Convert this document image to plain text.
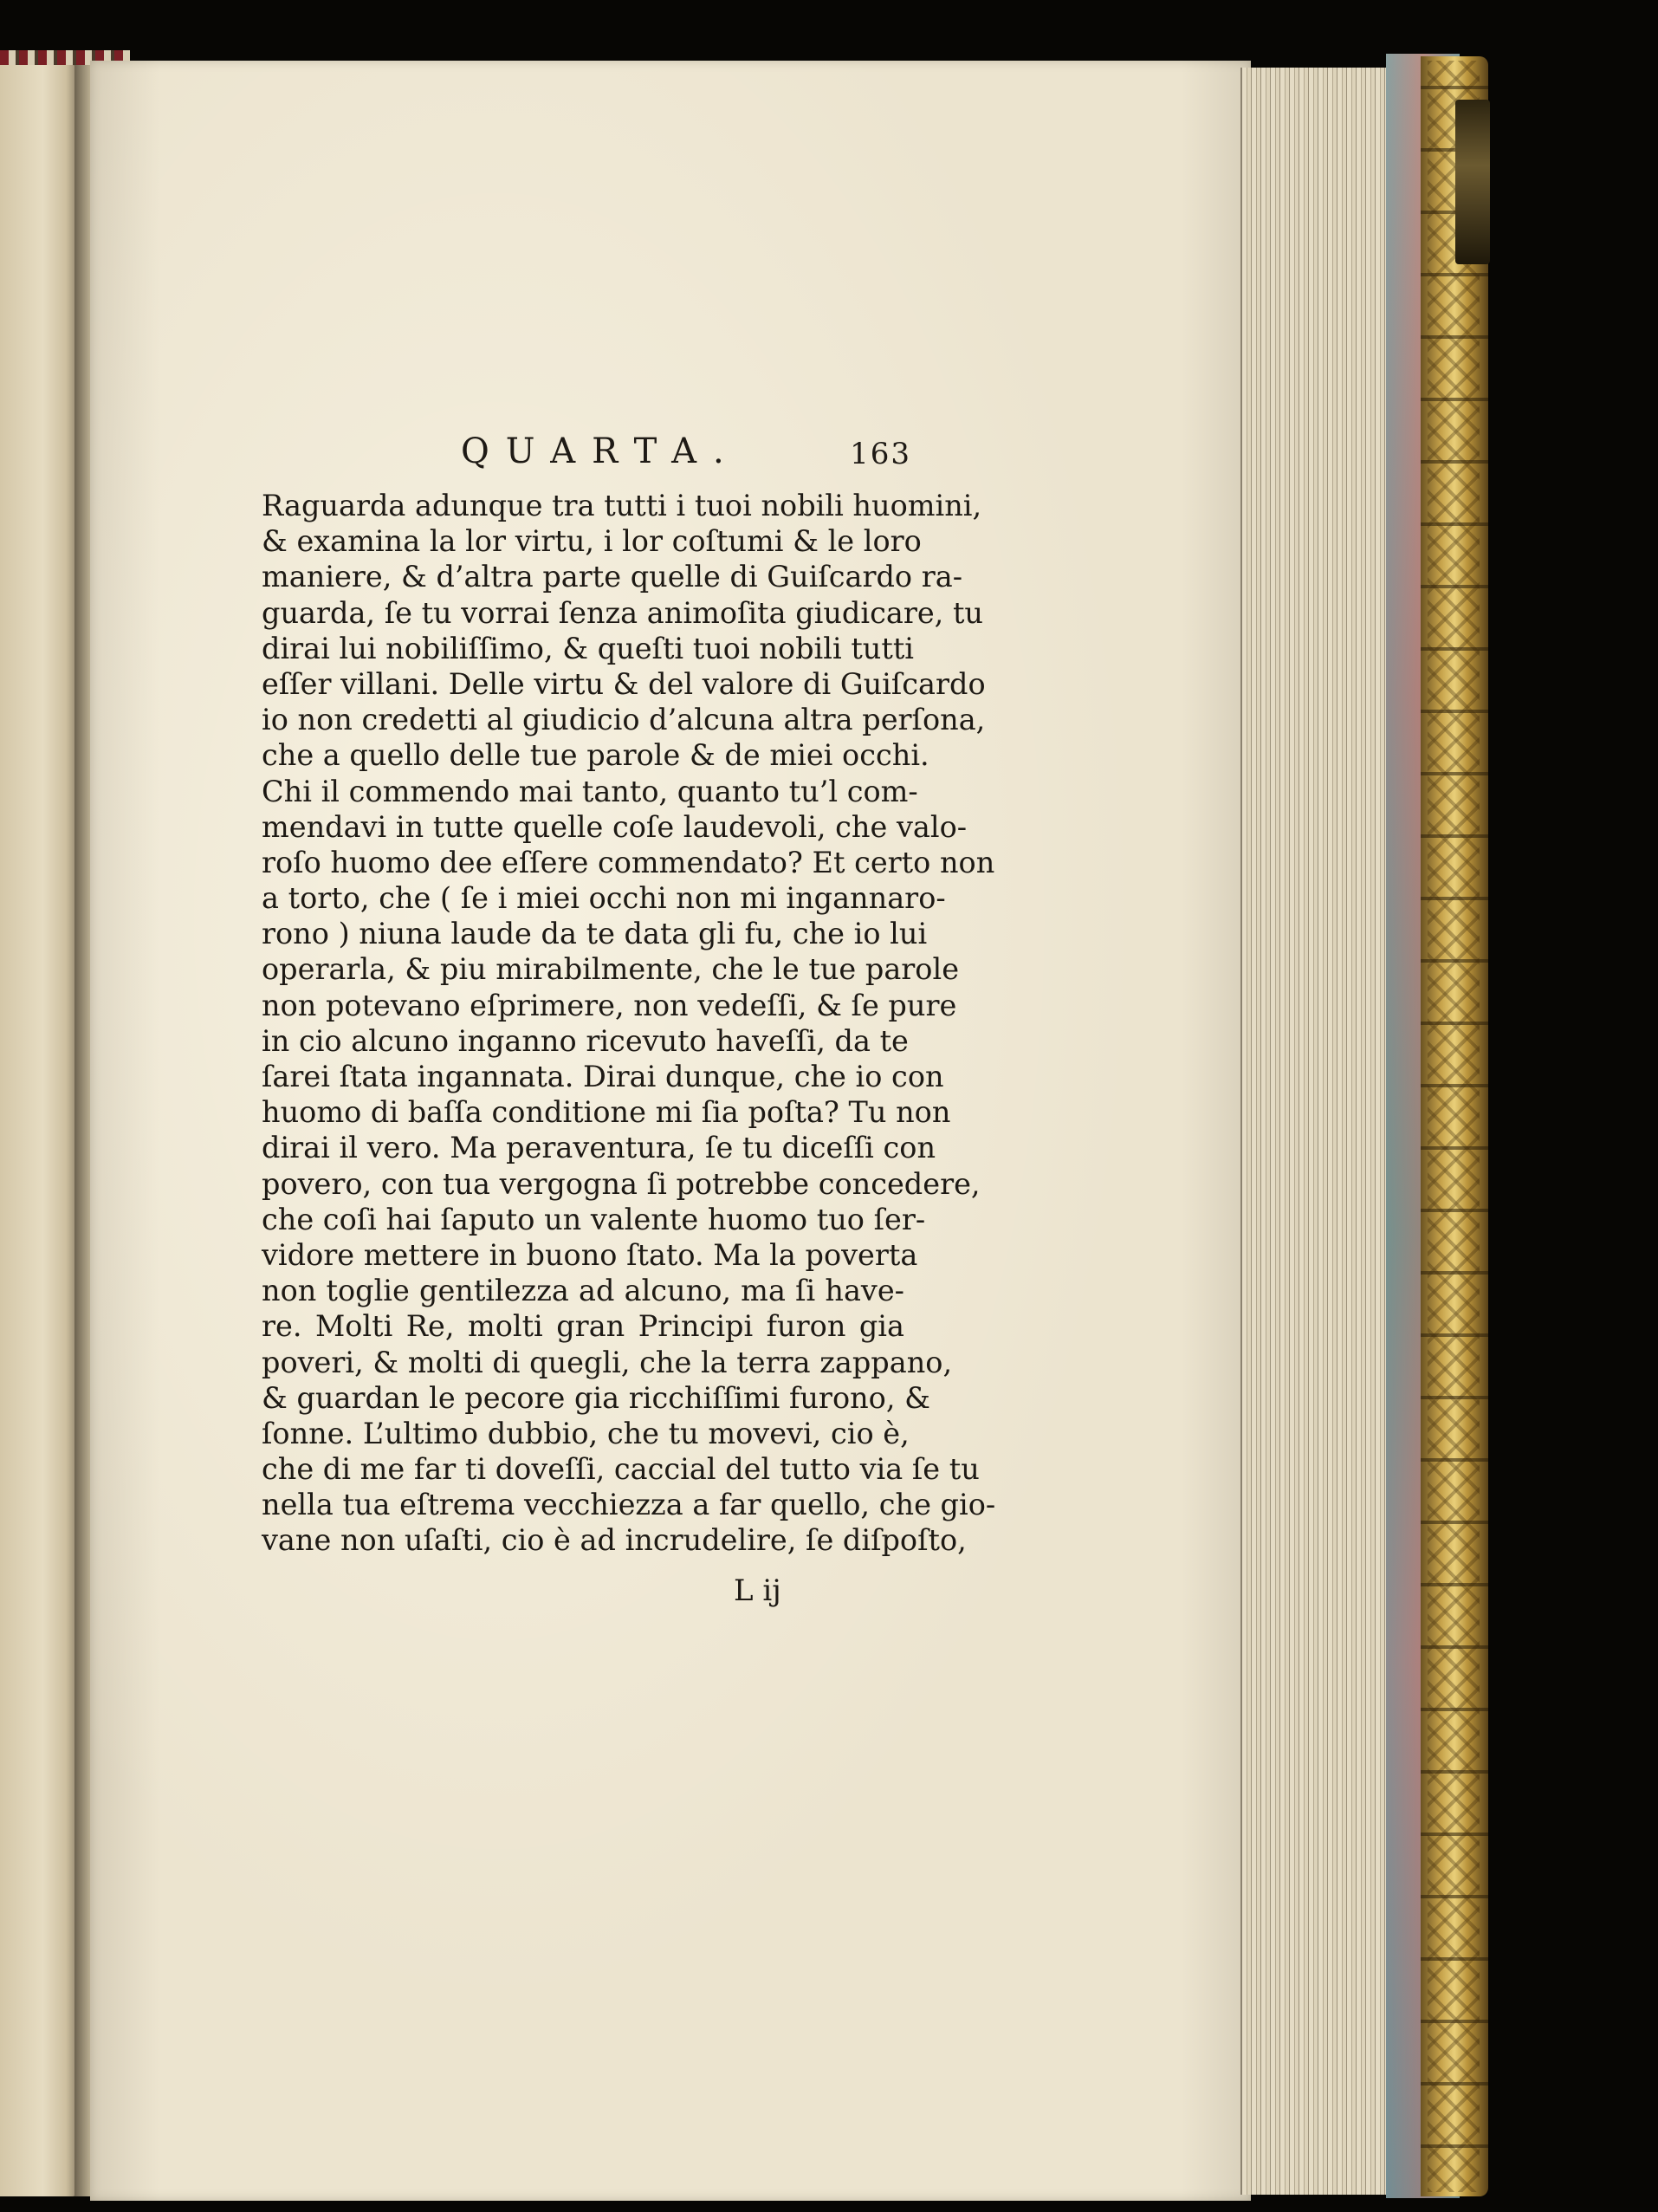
QUARTA.	163
Raguarda adunque tra tutti i tuoi nobili huomini,
& examina la lor virtu, i lor coſtumi & le loro
maniere, & d’altra parte quelle di Guiſcardo ra-
guarda, ſe tu vorrai ſenza animoſita giudicare, tu
dirai lui nobiliſſimo, & queſti tuoi nobili tutti
eſſer villani. Delle virtu & del valore di Guiſcardo
io non credetti al giudicio d’alcuna altra perſona,
che a quello delle tue parole & de miei occhi.
Chi il commendo mai tanto, quanto tu’l com-
mendavi in tutte quelle coſe laudevoli, che valo-
roſo huomo dee eſſere commendato? Et certo non
a torto, che ( ſe i miei occhi non mi ingannaro-
rono ) niuna laude da te data gli fu, che io lui
operarla, & piu mirabilmente, che le tue parole
non potevano eſprimere, non vedeſſi, & ſe pure
in cio alcuno inganno ricevuto haveſſi, da te
ſarei ſtata ingannata. Dirai dunque, che io con
huomo di baſſa conditione mi ſia poſta? Tu non
dirai il vero. Ma peraventura, ſe tu diceſſi con
povero, con tua vergogna ſi potrebbe concedere,
che coſi hai ſaputo un valente huomo tuo ſer-
vidore mettere in buono ſtato. Ma la poverta
non toglie gentilezza ad alcuno, ma ſi have-
re. Molti Re, molti gran Principi furon gia
poveri, & molti di quegli, che la terra zappano,
& guardan le pecore gia ricchiſſimi furono, &
ſonne. L’ultimo dubbio, che tu movevi, cio è,
che di me far ti doveſſi, caccial del tutto via ſe tu
nella tua eſtrema vecchiezza a far quello, che gio-
vane non uſaſti, cio è ad incrudelire, ſe diſpoſto,
L ij
